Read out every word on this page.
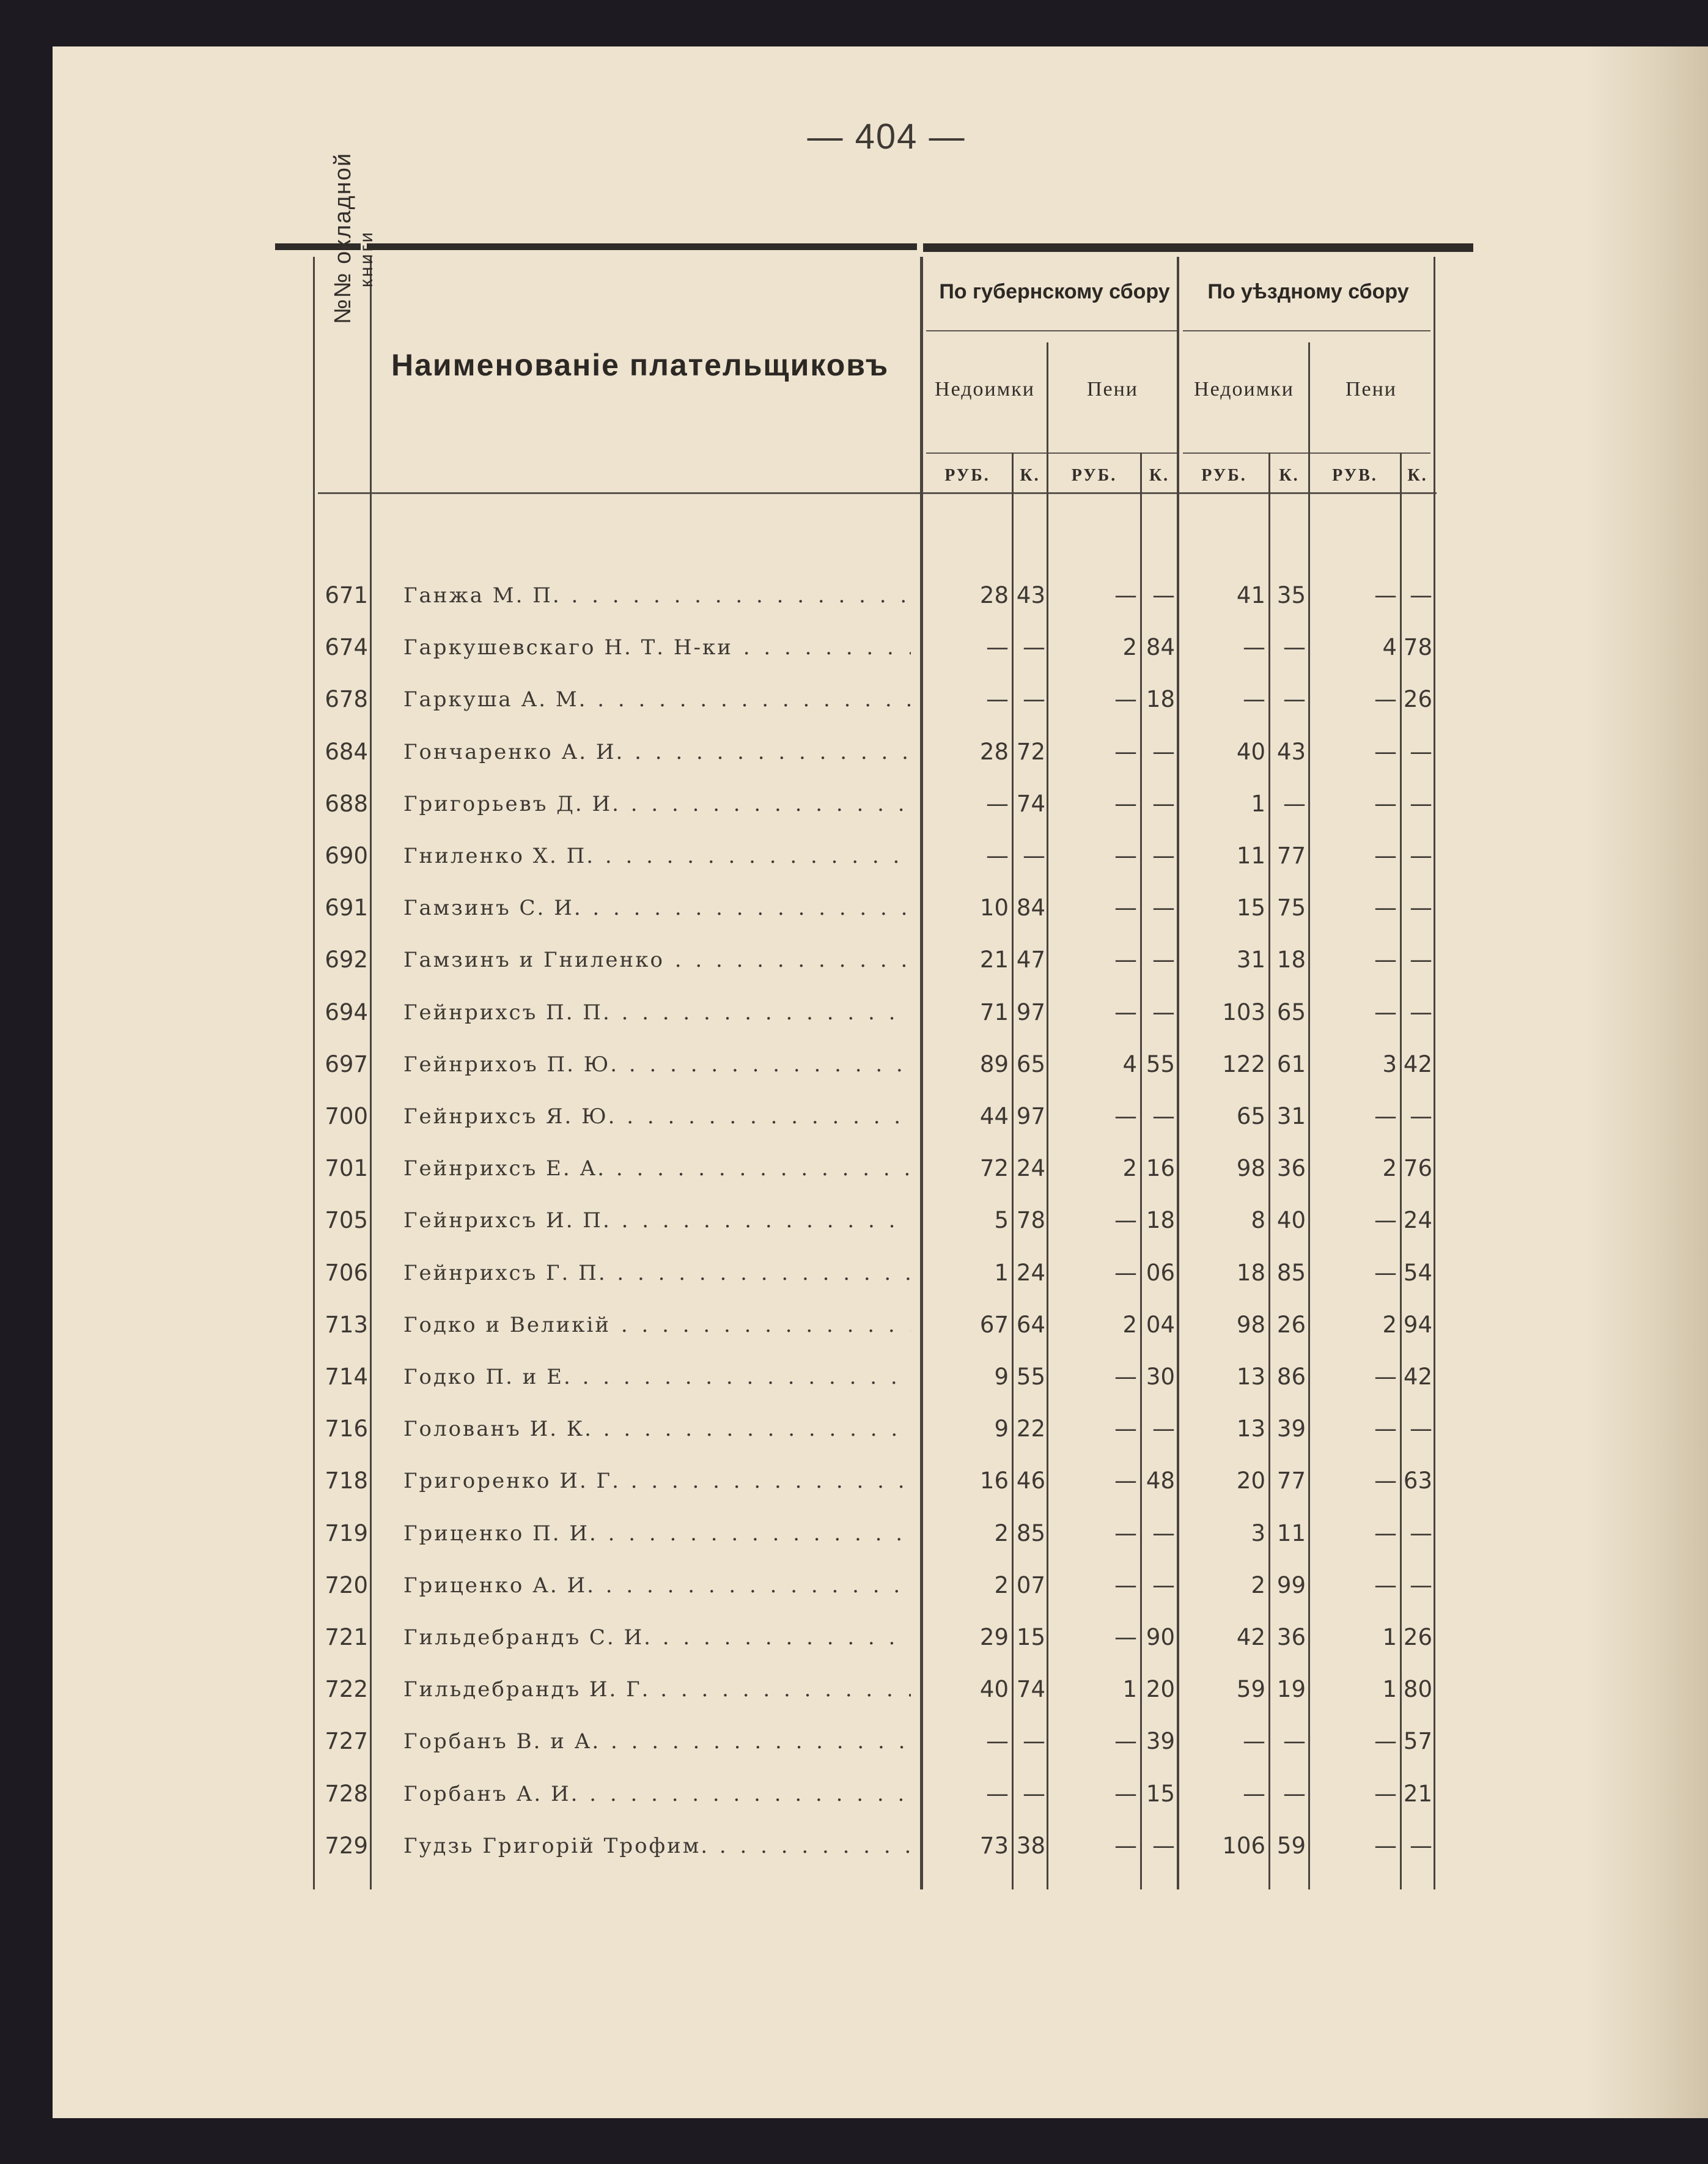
— 404 —
№№ окладной книги
Наименованіе плательщиковъ
По губернскому сбору	По уѣздному сбору
Недоимки	Пени	Недоимки	Пени
РУБ.	К.	РУБ.	К.	РУБ.	К.	РУВ.	К.
671 Ганжа М. П. . . .	28 43	— —	41 35	— —
674 Гаркушевскаго Н. Т. Н-ки . . .	— —	2 84	— —	4 78
678 Гаркуша А. М. . . .	— —	— 18	— —	— 26
684 Гончаренко А. И. . . .	28 72	— —	40 43	— —
688 Григорьевъ Д. И. . . .	— 74	— —	1 —	— —
690 Гниленко Х. П. . . .	— —	— —	11 77	— —
691 Гамзинъ С. И. . . .	10 84	— —	15 75	— —
692 Гамзинъ и Гниленко . . .	21 47	— —	31 18	— —
694 Гейнрихсъ П. П. . . .	71 97	— —	103 65	— —
697 Гейнрихоъ П. Ю. . . .	89 65	4 55	122 61	3 42
700 Гейнрихсъ Я. Ю. . . .	44 97	— —	65 31	— —
701 Гейнрихсъ Е. А. . . .	72 24	2 16	98 36	2 76
705 Гейнрихсъ И. П. . . .	5 78	— 18	8 40	— 24
706 Гейнрихсъ Г. П. . . .	1 24	— 06	18 85	— 54
713 Годко и Великій . . .	67 64	2 04	98 26	2 94
714 Годко П. и Е. . . .	9 55	— 30	13 86	— 42
716 Голованъ И. К. . . .	9 22	— —	13 39	— —
718 Григоренко И. Г. . . .	16 46	— 48	20 77	— 63
719 Гриценко П. И. . . .	2 85	— —	3 11	— —
720 Гриценко А. И. . . .	2 07	— —	2 99	— —
721 Гильдебрандъ С. И. . . .	29 15	— 90	42 36	1 26
722 Гильдебрандъ И. Г. . . .	40 74	1 20	59 19	1 80
727 Горбанъ В. и А. . . .	— —	— 39	— —	— 57
728 Горбанъ А. И. . . .	— —	— 15	— —	— 21
729 Гудзь Григорій Трофим. . . .	73 38	— —	106 59	— —
